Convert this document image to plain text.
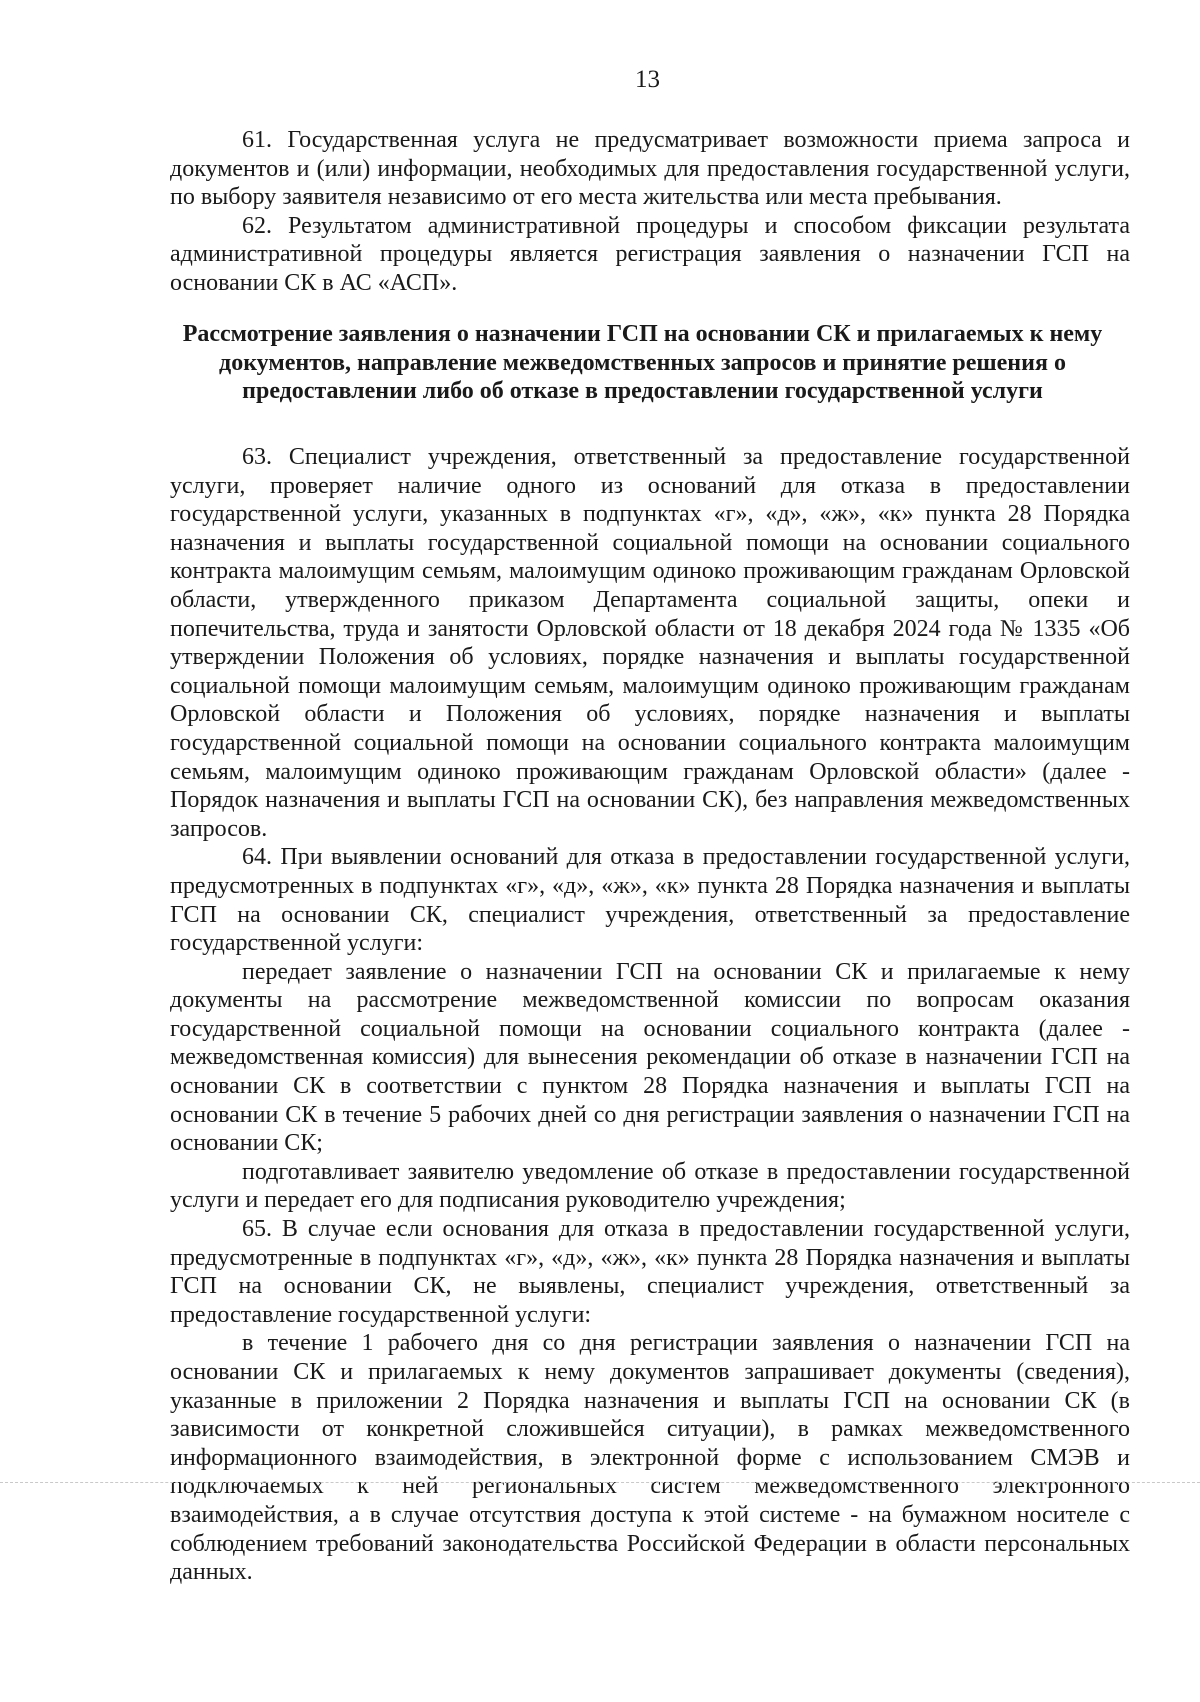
13

61. Государственная услуга не предусматривает возможности приема запроса и документов и (или) информации, необходимых для предоставления государственной услуги, по выбору заявителя независимо от его места жительства или места пребывания.

62. Результатом административной процедуры и способом фиксации результата административной процедуры является регистрация заявления о назначении ГСП на основании СК в АС «АСП».

Рассмотрение заявления о назначении ГСП на основании СК и прилагаемых к нему
документов, направление межведомственных запросов и принятие решения о
предоставлении либо об отказе в предоставлении государственной услуги

63. Специалист учреждения, ответственный за предоставление государственной услуги, проверяет наличие одного из оснований для отказа в предоставлении государственной услуги, указанных в подпунктах «г», «д», «ж», «к» пункта 28 Порядка назначения и выплаты государственной социальной помощи на основании социального контракта малоимущим семьям, малоимущим одиноко проживающим гражданам Орловской области, утвержденного приказом Департамента социальной защиты, опеки и попечительства, труда и занятости Орловской области от 18 декабря 2024 года № 1335 «Об утверждении Положения об условиях, порядке назначения и выплаты государственной социальной помощи малоимущим семьям, малоимущим одиноко проживающим гражданам Орловской области и Положения об условиях, порядке назначения и выплаты государственной социальной помощи на основании социального контракта малоимущим семьям, малоимущим одиноко проживающим гражданам Орловской области» (далее - Порядок назначения и выплаты ГСП на основании СК), без направления межведомственных запросов.

64. При выявлении оснований для отказа в предоставлении государственной услуги, предусмотренных в подпунктах «г», «д», «ж», «к» пункта 28 Порядка назначения и выплаты ГСП на основании СК, специалист учреждения, ответственный за предоставление государственной услуги:

передает заявление о назначении ГСП на основании СК и прилагаемые к нему документы на рассмотрение межведомственной комиссии по вопросам оказания государственной социальной помощи на основании социального контракта (далее - межведомственная комиссия) для вынесения рекомендации об отказе в назначении ГСП на основании СК в соответствии с пунктом 28 Порядка назначения и выплаты ГСП на основании СК в течение 5 рабочих дней со дня регистрации заявления о назначении ГСП на основании СК;

подготавливает заявителю уведомление об отказе в предоставлении государственной услуги и передает его для подписания руководителю учреждения;

65. В случае если основания для отказа в предоставлении государственной услуги, предусмотренные в подпунктах «г», «д», «ж», «к» пункта 28 Порядка назначения и выплаты ГСП на основании СК, не выявлены, специалист учреждения, ответственный за предоставление государственной услуги:

в течение 1 рабочего дня со дня регистрации заявления о назначении ГСП на основании СК и прилагаемых к нему документов запрашивает документы (сведения), указанные в приложении 2 Порядка назначения и выплаты ГСП на основании СК (в зависимости от конкретной сложившейся ситуации), в рамках межведомственного информационного взаимодействия, в электронной форме с использованием СМЭВ и подключаемых к ней региональных систем межведомственного электронного взаимодействия, а в случае отсутствия доступа к этой системе - на бумажном носителе с соблюдением требований законодательства Российской Федерации в области персональных данных.
